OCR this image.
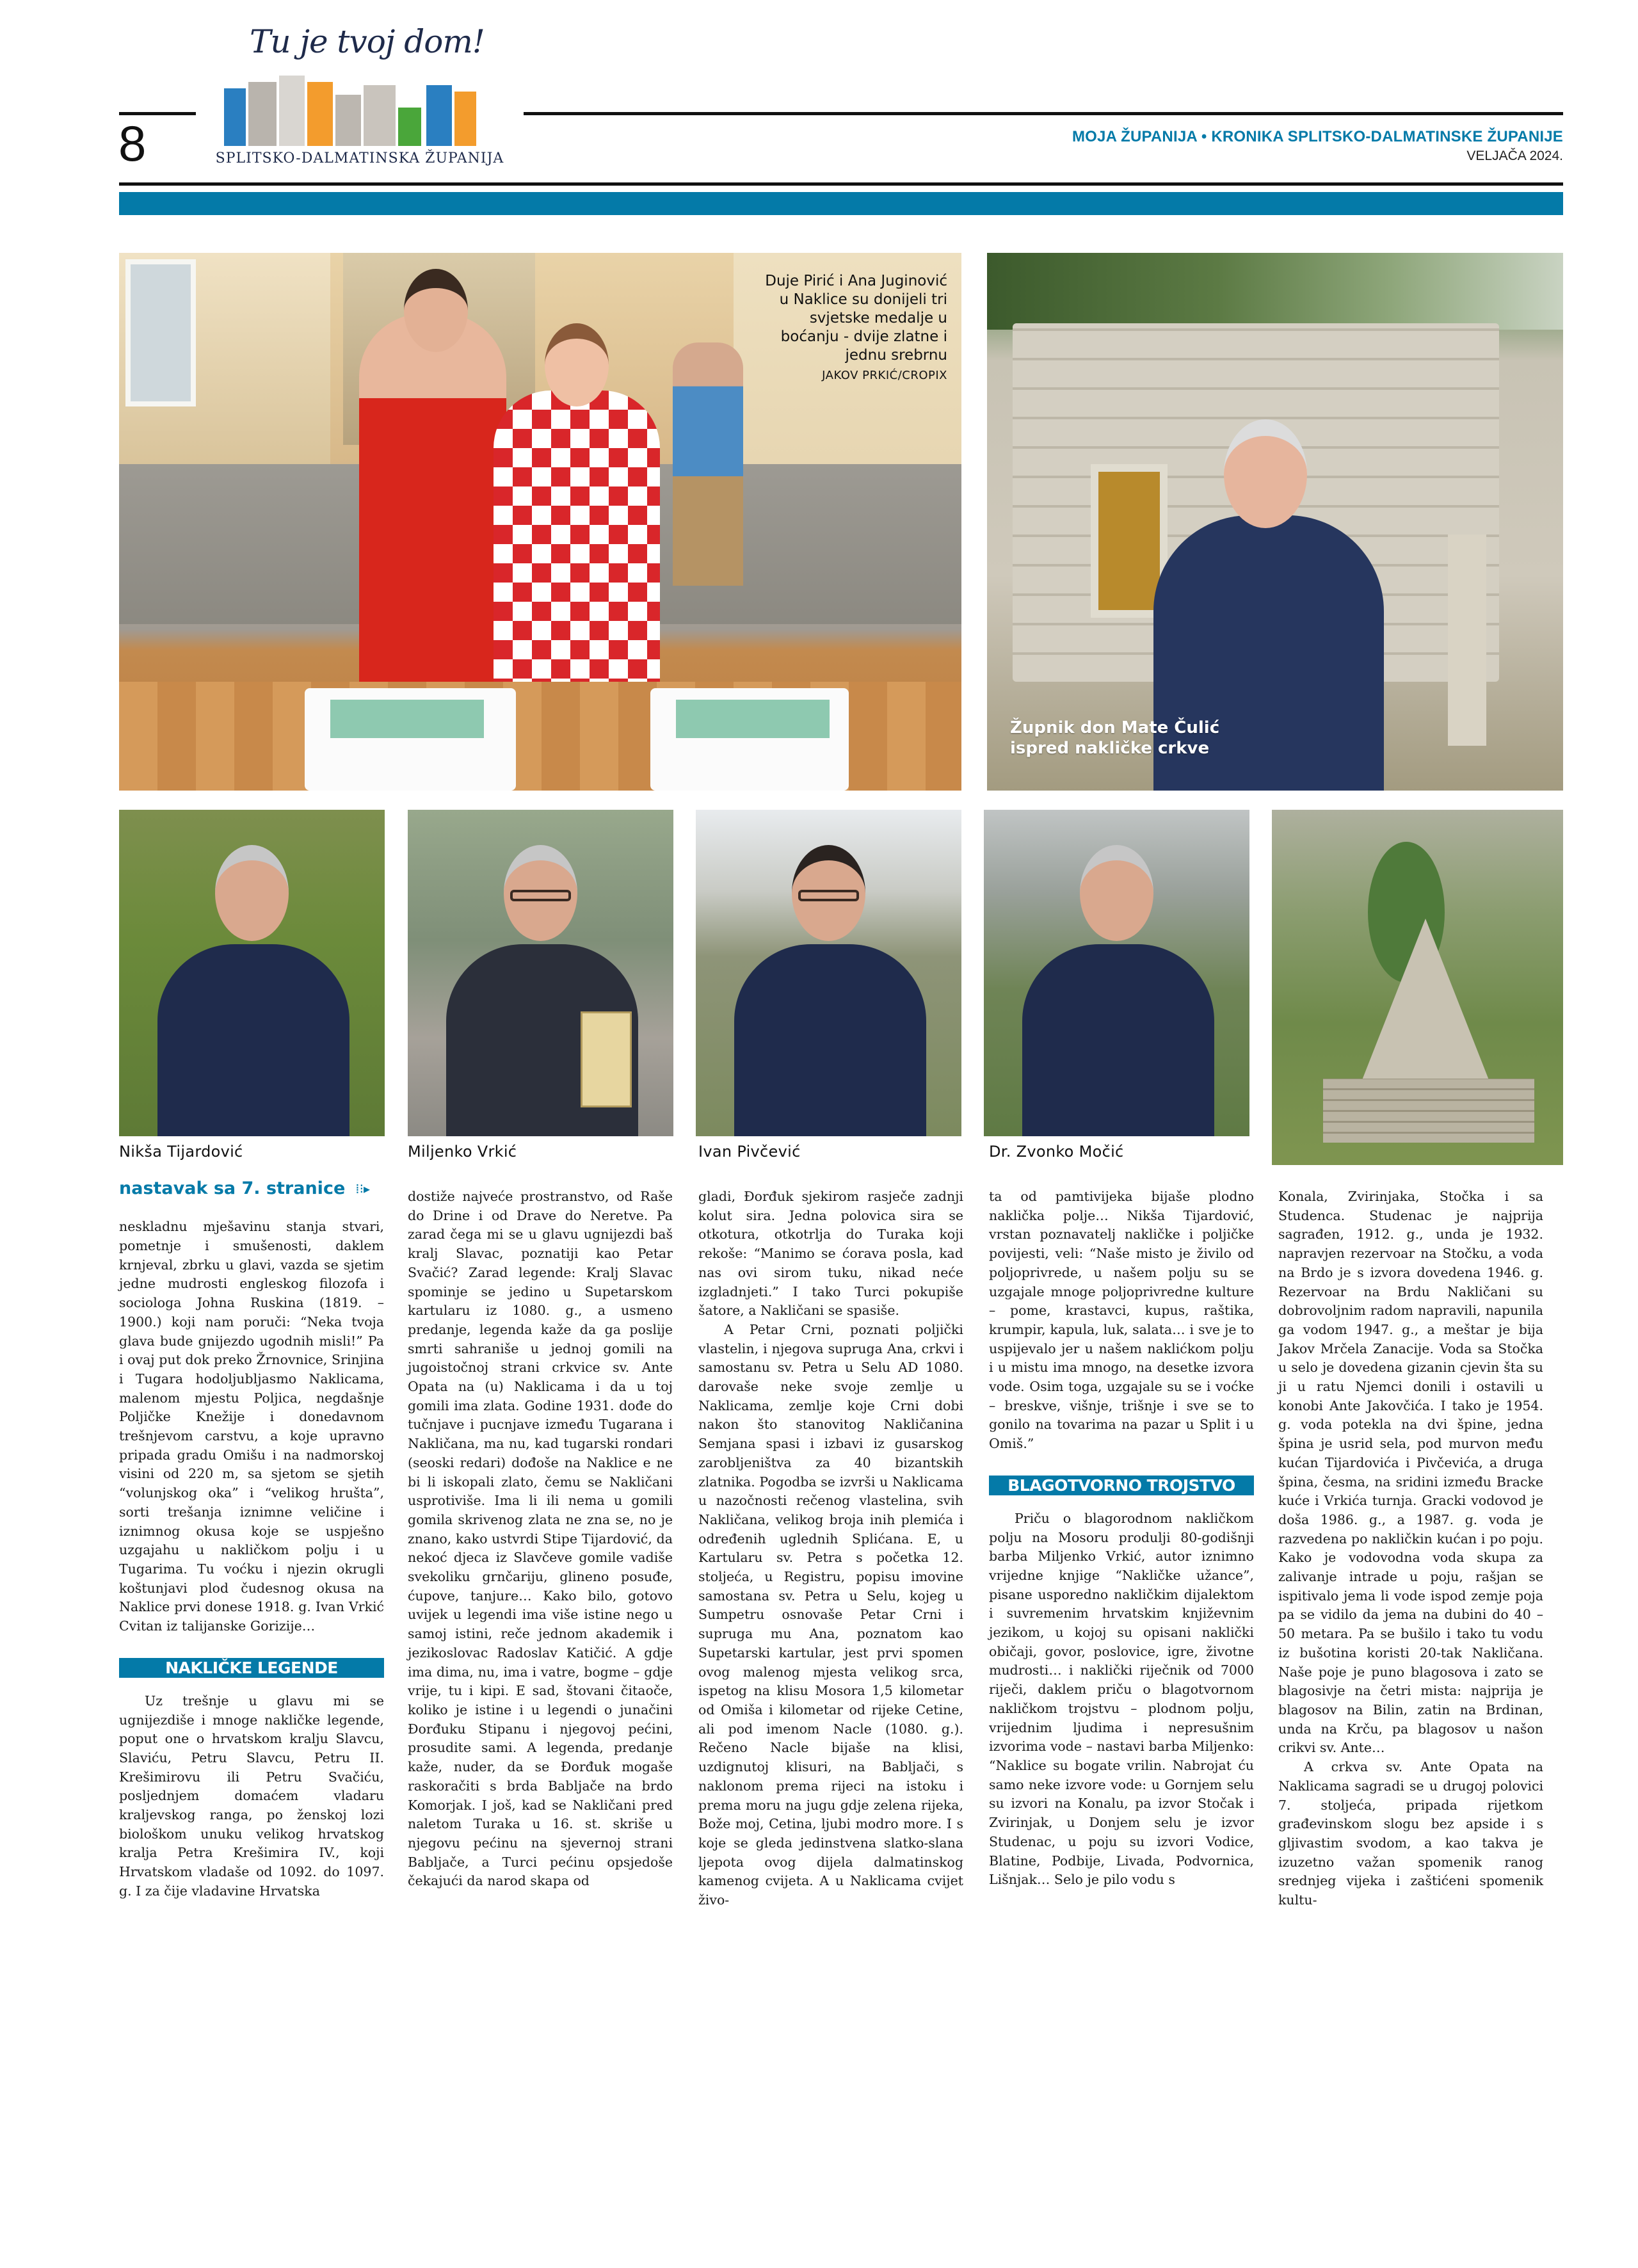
8
Tu je tvoj dom!
SPLITSKO-DALMATINSKA ŽUPANIJA
MOJA ŽUPANIJA • KRONIKA SPLITSKO-DALMATINSKE ŽUPANIJE
VELJAČA 2024.
Duje Pirić i Ana Juginović u Naklice su donijeli tri svjetske medalje u boćanju - dvije zlatne i jednu srebrnu
JAKOV PRKIĆ/CROPIX
Župnik don Mate Čulić
ispred nakličke crkve
Nikša Tijardović	Miljenko Vrkić	Ivan Pivčević	Dr. Zvonko Močić
nastavak sa 7. stranice ⁞⁝▸

neskladnu mješavinu stanja stvari, pometnje i smušenosti, daklem krnjeval, zbrku u glavi, vazda se sjetim jedne mudrosti engleskog filozofa i sociologa Johna Ruskina (1819. – 1900.) koji nam poruči: “Neka tvoja glava bude gnijezdo ugodnih misli!” Pa i ovaj put dok preko Žrnovnice, Srinjina i Tugara hodoljubljasmo Naklicama, malenom mjestu Poljica, negdašnje Poljičke Knežije i donedavnom trešnjevom carstvu, a koje upravno pripada gradu Omišu i na nadmorskoj visini od 220 m, sa sjetom se sjetih “volunjskog oka” i “velikog hrušta”, sorti trešanja iznimne veličine i iznimnog okusa koje se uspješno uzgajahu u nakličkom polju i u Tugarima. Tu voćku i njezin okrugli koštunjavi plod čudesnog okusa na Naklice prvi donese 1918. g. Ivan Vrkić Cvitan iz talijanske Gorizije…

NAKLIČKE LEGENDE

Uz trešnje u glavu mi se ugnijezdiše i mnoge nakličke legende, poput one o hrvatskom kralju Slavcu, Slaviću, Petru Slavcu, Petru II. Krešimirovu ili Petru Svačiću, posljednjem domaćem vladaru kraljevskog ranga, po ženskoj lozi biološkom unuku velikog hrvatskog kralja Petra Krešimira IV., koji Hrvatskom vladaše od 1092. do 1097. g. I za čije vladavine Hrvatska

dostiže najveće prostranstvo, od Raše do Drine i od Drave do Neretve. Pa zarad čega mi se u glavu ugnijezdi baš kralj Slavac, poznatiji kao Petar Svačić? Zarad legende: Kralj Slavac spominje se jedino u Supetarskom kartularu iz 1080. g., a usmeno predanje, legenda kaže da ga poslije smrti sahraniše u jednoj gomili na jugoistočnoj strani crkvice sv. Ante Opata na (u) Naklicama i da u toj gomili ima zlata. Godine 1931. dođe do tučnjave i pucnjave između Tugarana i Nakličana, ma nu, kad tugarski rondari (seoski redari) dođoše na Naklice e ne bi li iskopali zlato, čemu se Nakličani usprotiviše. Ima li ili nema u gomili gomila skrivenog zlata ne zna se, no je znano, kako ustvrdi Stipe Tijardović, da nekoć djeca iz Slavčeve gomile vadiše svekoliku grnčariju, glineno posuđe, ćupove, tanjure… Kako bilo, gotovo uvijek u legendi ima više istine nego u samoj istini, reče jednom akademik i jezikoslovac Radoslav Katičić. A gdje ima dima, nu, ima i vatre, bogme – gdje vrije, tu i kipi. E sad, štovani čitaoče, koliko je istine i u legendi o junačini Đorđuku Stipanu i njegovoj pećini, prosudite sami. A legenda, predanje kaže, nuder, da se Đorđuk mogaše raskoračiti s brda Babljače na brdo Komorjak. I još, kad se Nakličani pred naletom Turaka u 16. st. skriše u njegovu pećinu na sjevernoj strani Babljače, a Turci pećinu opsjedoše čekajući da narod skapa od

gladi, Đorđuk sjekirom rasječe zadnji kolut sira. Jedna polovica sira se otkotura, otkotrlja do Turaka koji rekoše: “Manimo se ćorava posla, kad nas ovi sirom tuku, nikad neće izgladnjeti.” I tako Turci pokupiše šatore, a Nakličani se spasiše.

A Petar Crni, poznati poljički vlastelin, i njegova supruga Ana, crkvi i samostanu sv. Petra u Selu AD 1080. darovaše neke svoje zemlje u Naklicama, zemlje koje Crni dobi nakon što stanovitog Nakličanina Semjana spasi i izbavi iz gusarskog zarobljeništva za 40 bizantskih zlatnika. Pogodba se izvrši u Naklicama u nazočnosti rečenog vlastelina, svih Nakličana, velikog broja inih plemića i određenih uglednih Splićana. E, u Kartularu sv. Petra s početka 12. stoljeća, u Registru, popisu imovine samostana sv. Petra u Selu, kojeg u Sumpetru osnovaše Petar Crni i supruga mu Ana, poznatom kao Supetarski kartular, jest prvi spomen ovog malenog mjesta velikog srca, ispetog na klisu Mosora 1,5 kilometar od Omiša i kilometar od rijeke Cetine, ali pod imenom Nacle (1080. g.). Rečeno Nacle bijaše na klisi, uzdignutoj klisuri, na Babljači, s naklonom prema rijeci na istoku i prema moru na jugu gdje zelena rijeka, Bože moj, Cetina, ljubi modro more. I s koje se gleda jedinstvena slatko-slana ljepota ovog dijela dalmatinskog kamenog cvijeta. A u Naklicama cvijet živo-

ta od pamtivijeka bijaše plodno naklička polje… Nikša Tijardović, vrstan poznavatelj nakličke i poljičke povijesti, veli: “Naše misto je živilo od poljoprivrede, u našem polju su se uzgajale mnoge poljoprivredne kulture – pome, krastavci, kupus, raštika, krumpir, kapula, luk, salata… i sve je to uspijevalo jer u našem naklićkom polju i u mistu ima mnogo, na desetke izvora vode. Osim toga, uzgajale su se i voćke – breskve, višnje, trišnje i sve se to gonilo na tovarima na pazar u Split i u Omiš.”

BLAGOTVORNO TROJSTVO

Priču o blagorodnom nakličkom polju na Mosoru produlji 80-godišnji barba Miljenko Vrkić, autor iznimno vrijedne knjige “Nakličke užance”, pisane usporedno nakličkim dijalektom i suvremenim hrvatskim književnim jezikom, u kojoj su opisani naklički običaji, govor, poslovice, igre, životne mudrosti… i naklički riječnik od 7000 riječi, daklem priču o blagotvornom nakličkom trojstvu – plodnom polju, vrijednim ljudima i nepresušnim izvorima vode – nastavi barba Miljenko: “Naklice su bogate vrilin. Nabrojat ću samo neke izvore vode: u Gornjem selu su izvori na Konalu, pa izvor Stočak i Zvirinjak, u Donjem selu je izvor Studenac, u poju su izvori Vodice, Blatine, Podbije, Livada, Podvornica, Lišnjak… Selo je pilo vodu s

Konala, Zvirinjaka, Stočka i sa Studenca. Studenac je najprija sagrađen, 1912. g., unda je 1932. napravjen rezervoar na Stočku, a voda na Brdo je s izvora dovedena 1946. g. Rezervoar na Brdu Nakličani su dobrovoljnim radom napravili, napunila ga vodom 1947. g., a meštar je bija Jakov Mrčela Zanacije. Voda sa Stočka u selo je dovedena gizanin cjevin šta su ji u ratu Njemci donili i ostavili u konobi Ante Jakovčića. I tako je 1954. g. voda potekla na dvi špine, jedna špina je usrid sela, pod murvon među kućan Tijardovića i Pivčevića, a druga špina, česma, na sridini između Bracke kuće i Vrkića turnja. Gracki vodovod je doša 1986. g., a 1987. g. voda je razvedena po nakličkin kućan i po poju. Kako je vodovodna voda skupa za zalivanje intrade u poju, rašjan se ispitivalo jema li vode ispod zemje poja pa se vidilo da jema na dubini do 40 – 50 metara. Pa se bušilo i tako tu vodu iz bušotina koristi 20-tak Nakličana. Naše poje je puno blagosova i zato se blagosivje na četri mista: najprija je blagosov na Bilin, zatin na Brdinan, unda na Krču, pa blagosov u našon crikvi sv. Ante…

A crkva sv. Ante Opata na Naklicama sagradi se u drugoj polovici 7. stoljeća, pripada rijetkom građevinskom slogu bez apside i s gljivastim svodom, a kao takva je izuzetno važan spomenik ranog srednjeg vijeka i zaštićeni spomenik kultu-
